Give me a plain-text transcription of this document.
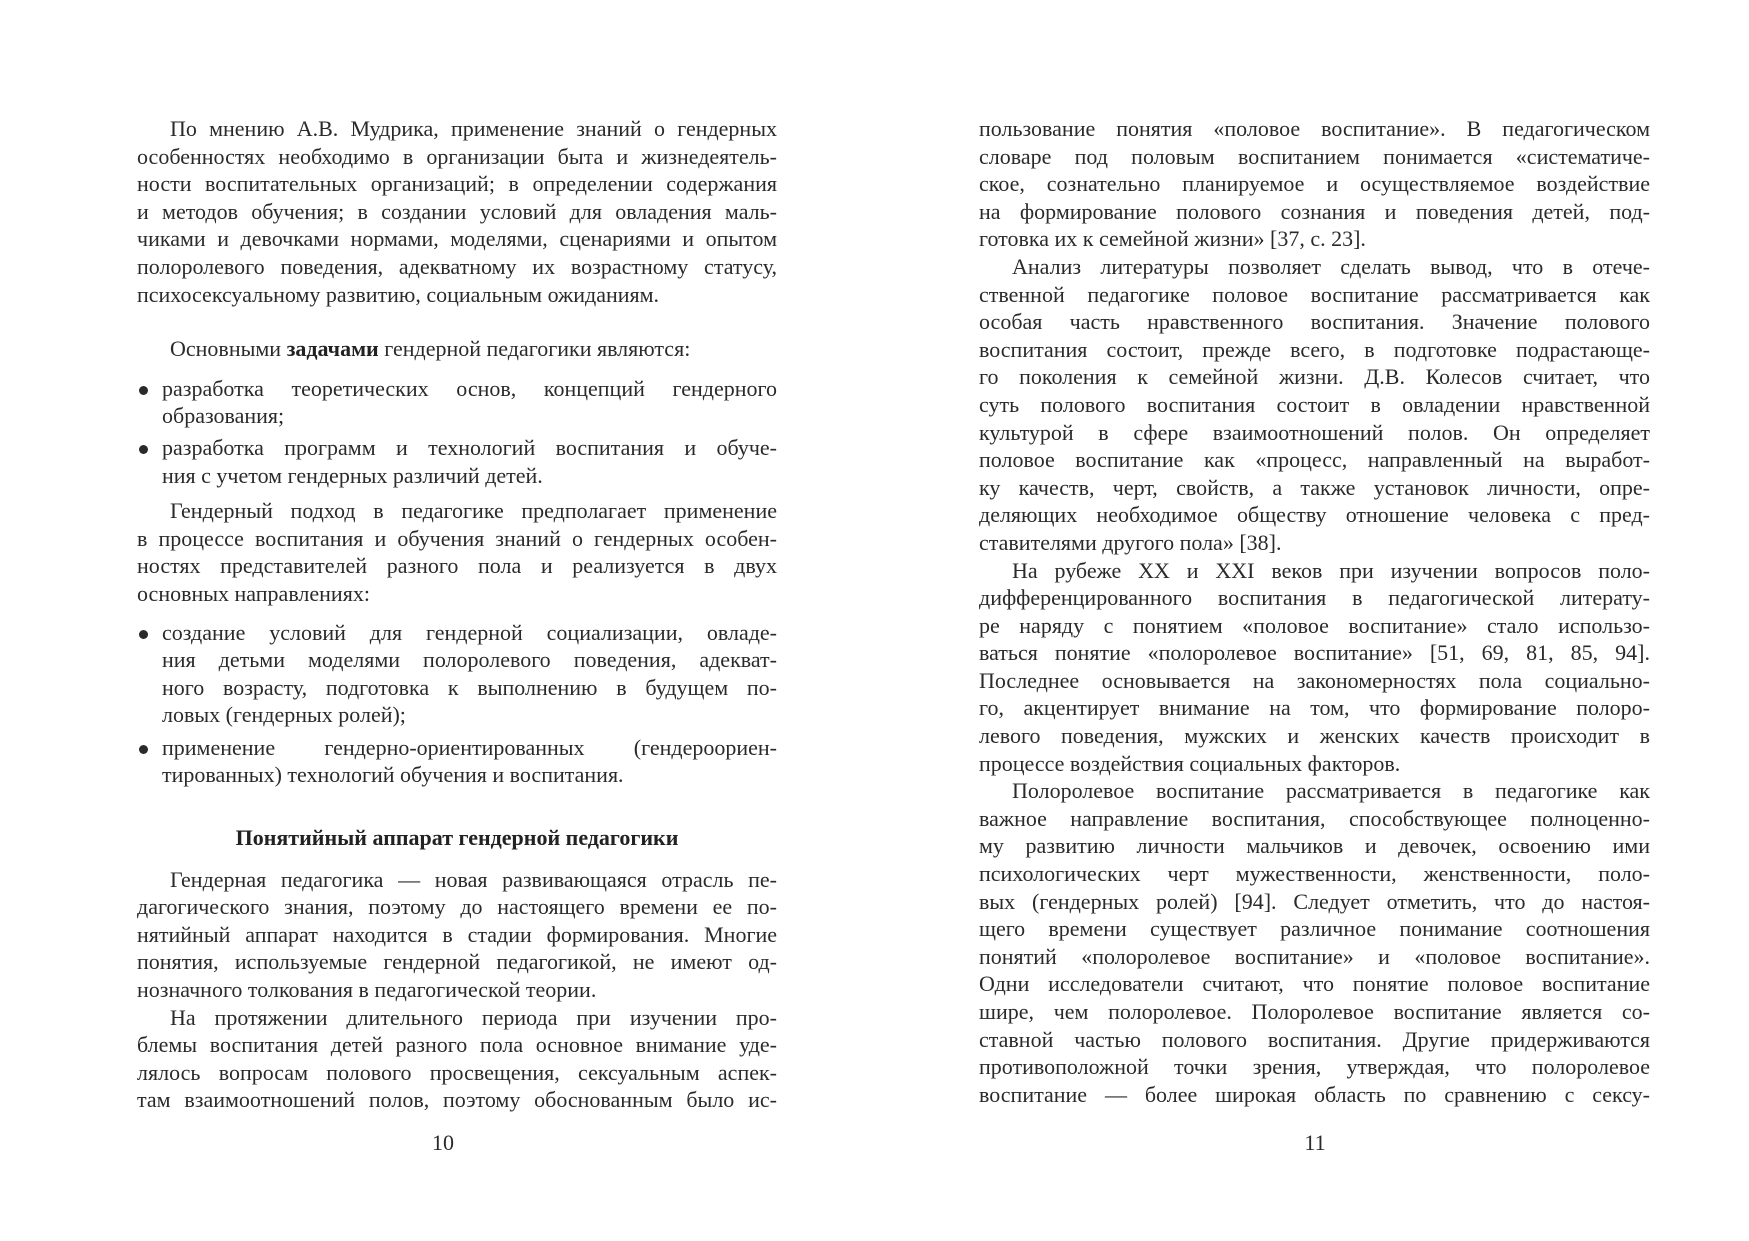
По мнению А.В. Мудрика, применение знаний о гендерных
особенностях необходимо в организации быта и жизнедеятель-
ности воспитательных организаций; в определении содержания
и методов обучения; в создании условий для овладения маль-
чиками и девочками нормами, моделями, сценариями и опытом
полоролевого поведения, адекватному их возрастному статусу,
психосексуальному развитию, социальным ожиданиям.
Основными задачами гендерной педагогики являются:
разработка теоретических основ, концепций гендерного
образования;
разработка программ и технологий воспитания и обуче-
ния с учетом гендерных различий детей.
Гендерный подход в педагогике предполагает применение
в процессе воспитания и обучения знаний о гендерных особен-
ностях представителей разного пола и реализуется в двух
основных направлениях:
создание условий для гендерной социализации, овладе-
ния детьми моделями полоролевого поведения, адекват-
ного возрасту, подготовка к выполнению в будущем по-
ловых (гендерных ролей);
применение гендерно-ориентированных (гендероориен-
тированных) технологий обучения и воспитания.
Понятийный аппарат гендерной педагогики
Гендерная педагогика — новая развивающаяся отрасль пе-
дагогического знания, поэтому до настоящего времени ее по-
нятийный аппарат находится в стадии формирования. Многие
понятия, используемые гендерной педагогикой, не имеют од-
нозначного толкования в педагогической теории.
На протяжении длительного периода при изучении про-
блемы воспитания детей разного пола основное внимание уде-
лялось вопросам полового просвещения, сексуальным аспек-
там взаимоотношений полов, поэтому обоснованным было ис-
пользование понятия «половое воспитание». В педагогическом
словаре под половым воспитанием понимается «систематиче-
ское, сознательно планируемое и осуществляемое воздействие
на формирование полового сознания и поведения детей, под-
готовка их к семейной жизни» [37, с. 23].
Анализ литературы позволяет сделать вывод, что в отече-
ственной педагогике половое воспитание рассматривается как
особая часть нравственного воспитания. Значение полового
воспитания состоит, прежде всего, в подготовке подрастающе-
го поколения к семейной жизни. Д.В. Колесов считает, что
суть полового воспитания состоит в овладении нравственной
культурой в сфере взаимоотношений полов. Он определяет
половое воспитание как «процесс, направленный на выработ-
ку качеств, черт, свойств, а также установок личности, опре-
деляющих необходимое обществу отношение человека с пред-
ставителями другого пола» [38].
На рубеже XX и XXI веков при изучении вопросов поло-
дифференцированного воспитания в педагогической литерату-
ре наряду с понятием «половое воспитание» стало использо-
ваться понятие «полоролевое воспитание» [51, 69, 81, 85, 94].
Последнее основывается на закономерностях пола социально-
го, акцентирует внимание на том, что формирование полоро-
левого поведения, мужских и женских качеств происходит в
процессе воздействия социальных факторов.
Полоролевое воспитание рассматривается в педагогике как
важное направление воспитания, способствующее полноценно-
му развитию личности мальчиков и девочек, освоению ими
психологических черт мужественности, женственности, поло-
вых (гендерных ролей) [94]. Следует отметить, что до настоя-
щего времени существует различное понимание соотношения
понятий «полоролевое воспитание» и «половое воспитание».
Одни исследователи считают, что понятие половое воспитание
шире, чем полоролевое. Полоролевое воспитание является со-
ставной частью полового воспитания. Другие придерживаются
противоположной точки зрения, утверждая, что полоролевое
воспитание — более широкая область по сравнению с сексу-
10	11
